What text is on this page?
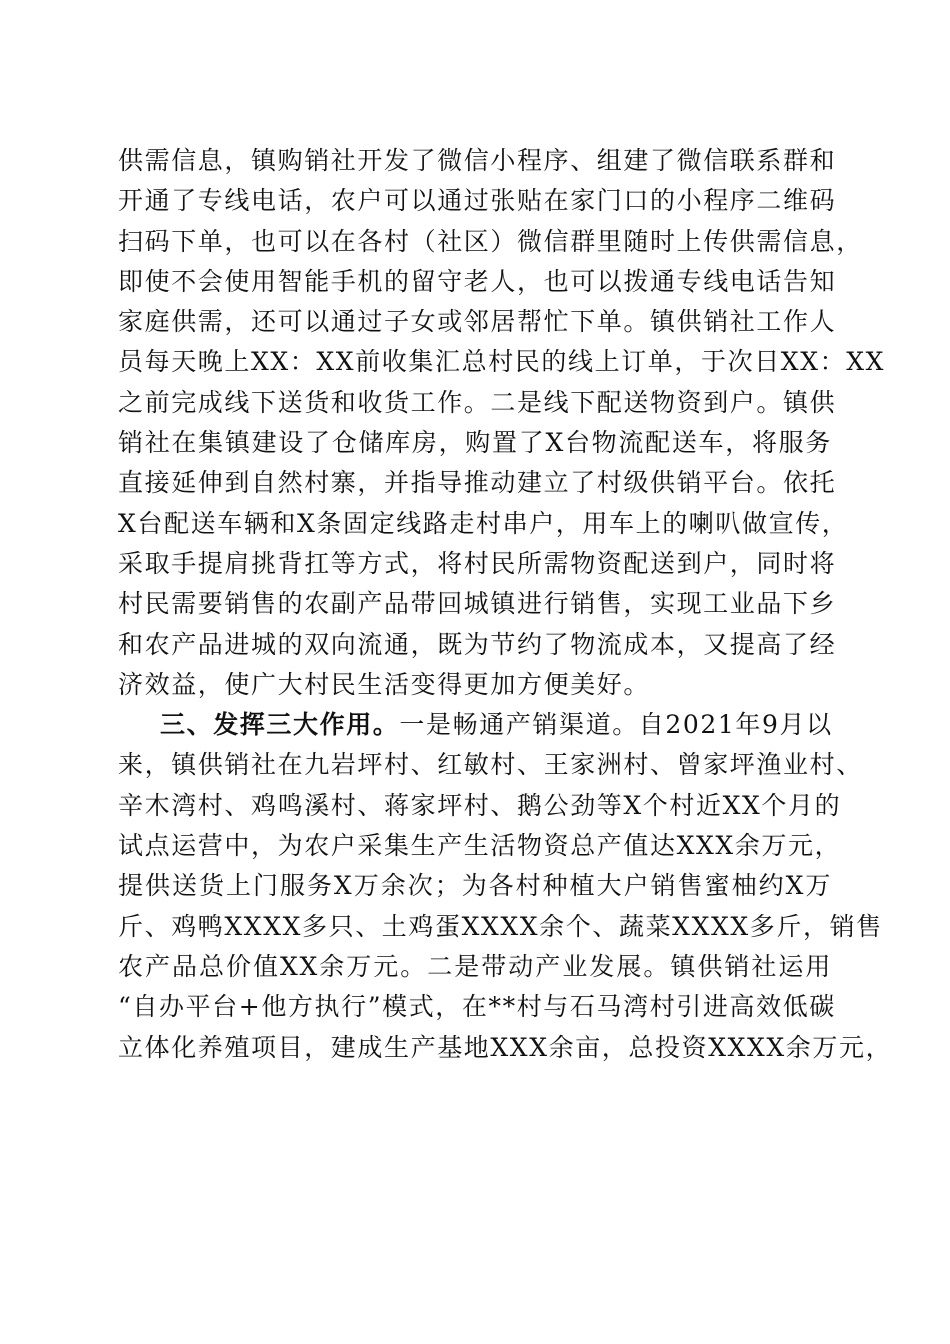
供需信息，镇购销社开发了微信小程序、组建了微信联系群和
开通了专线电话，农户可以通过张贴在家门口的小程序二维码
扫码下单，也可以在各村（社区）微信群里随时上传供需信息，
即使不会使用智能手机的留守老人，也可以拨通专线电话告知
家庭供需，还可以通过子女或邻居帮忙下单。镇供销社工作人
员每天晚上XX：XX前收集汇总村民的线上订单，于次日XX：XX
之前完成线下送货和收货工作。二是线下配送物资到户。镇供
销社在集镇建设了仓储库房，购置了X台物流配送车，将服务
直接延伸到自然村寨，并指导推动建立了村级供销平台。依托
X台配送车辆和X条固定线路走村串户，用车上的喇叭做宣传，
采取手提肩挑背扛等方式，将村民所需物资配送到户，同时将
村民需要销售的农副产品带回城镇进行销售，实现工业品下乡
和农产品进城的双向流通，既为节约了物流成本，又提高了经
济效益，使广大村民生活变得更加方便美好。
三、发挥三大作用。一是畅通产销渠道。自2021年9月以
来，镇供销社在九岩坪村、红敏村、王家洲村、曾家坪渔业村、
辛木湾村、鸡鸣溪村、蒋家坪村、鹅公劲等X个村近XX个月的
试点运营中，为农户采集生产生活物资总产值达XXX余万元，
提供送货上门服务X万余次；为各村种植大户销售蜜柚约X万
斤、鸡鸭XXXX多只、土鸡蛋XXXX余个、蔬菜XXXX多斤，销售
农产品总价值XX余万元。二是带动产业发展。镇供销社运用
“自办平台+他方执行”模式，在**村与石马湾村引进高效低碳
立体化养殖项目，建成生产基地XXX余亩，总投资XXXX余万元，
